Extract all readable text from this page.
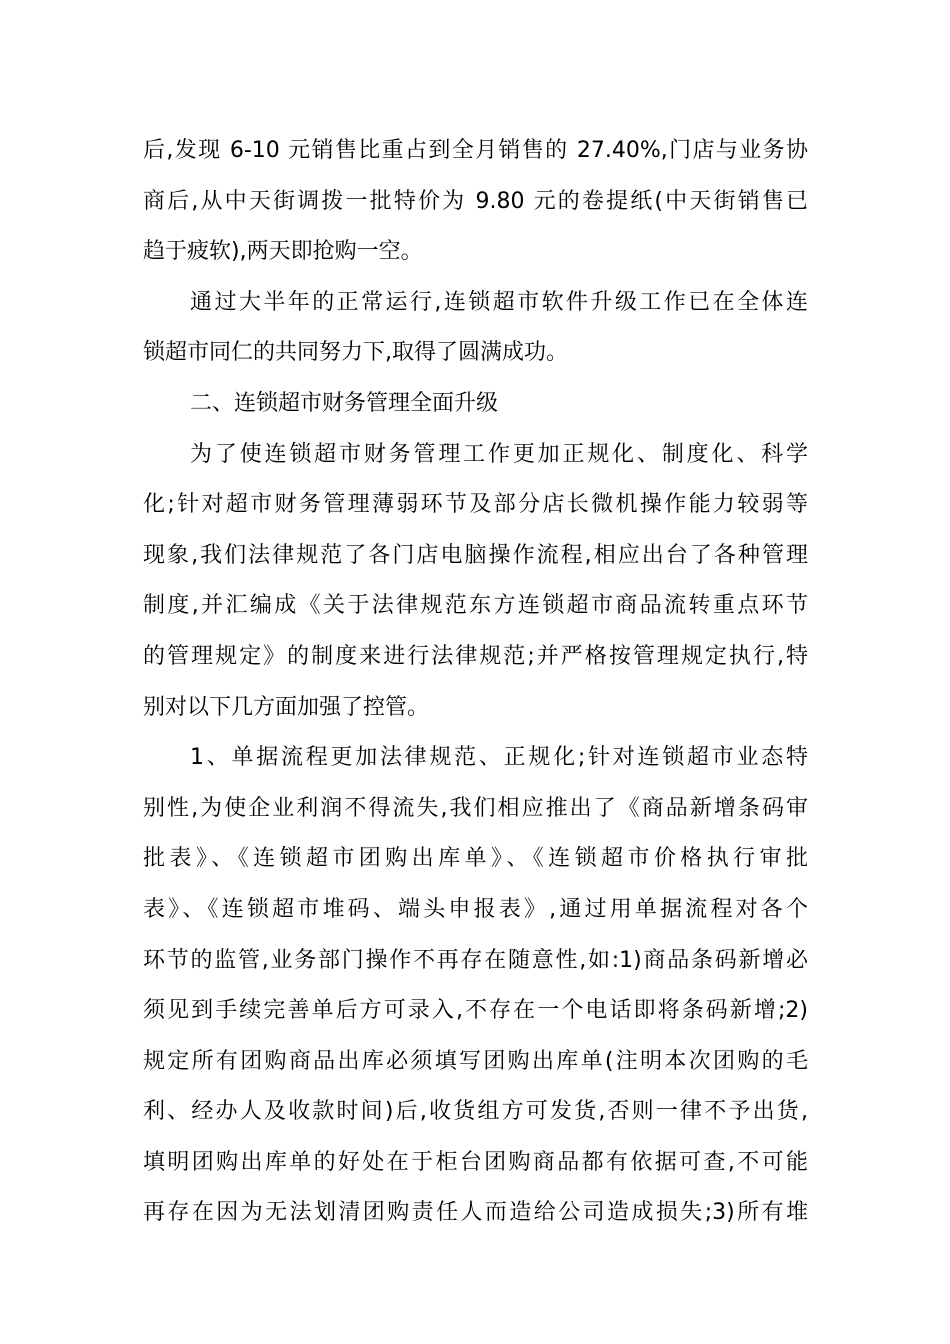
后,发现 6-10 元销售比重占到全月销售的 27.40%,门店与业务协
商后,从中天街调拨一批特价为 9.80 元的卷提纸(中天街销售已
趋于疲软),两天即抢购一空。
通过大半年的正常运行,连锁超市软件升级工作已在全体连
锁超市同仁的共同努力下,取得了圆满成功。
二、连锁超市财务管理全面升级
为了使连锁超市财务管理工作更加正规化、制度化、科学
化;针对超市财务管理薄弱环节及部分店长微机操作能力较弱等
现象,我们法律规范了各门店电脑操作流程,相应出台了各种管理
制度,并汇编成《关于法律规范东方连锁超市商品流转重点环节
的管理规定》的制度来进行法律规范;并严格按管理规定执行,特
别对以下几方面加强了控管。
1、单据流程更加法律规范、正规化;针对连锁超市业态特
别性,为使企业利润不得流失,我们相应推出了《商品新增条码审
批表》、《连锁超市团购出库单》、《连锁超市价格执行审批
表》、《连锁超市堆码、端头申报表》,通过用单据流程对各个
环节的监管,业务部门操作不再存在随意性,如:1)商品条码新增必
须见到手续完善单后方可录入,不存在一个电话即将条码新增;2)
规定所有团购商品出库必须填写团购出库单(注明本次团购的毛
利、经办人及收款时间)后,收货组方可发货,否则一律不予出货,
填明团购出库单的好处在于柜台团购商品都有依据可查,不可能
再存在因为无法划清团购责任人而造给公司造成损失;3)所有堆
